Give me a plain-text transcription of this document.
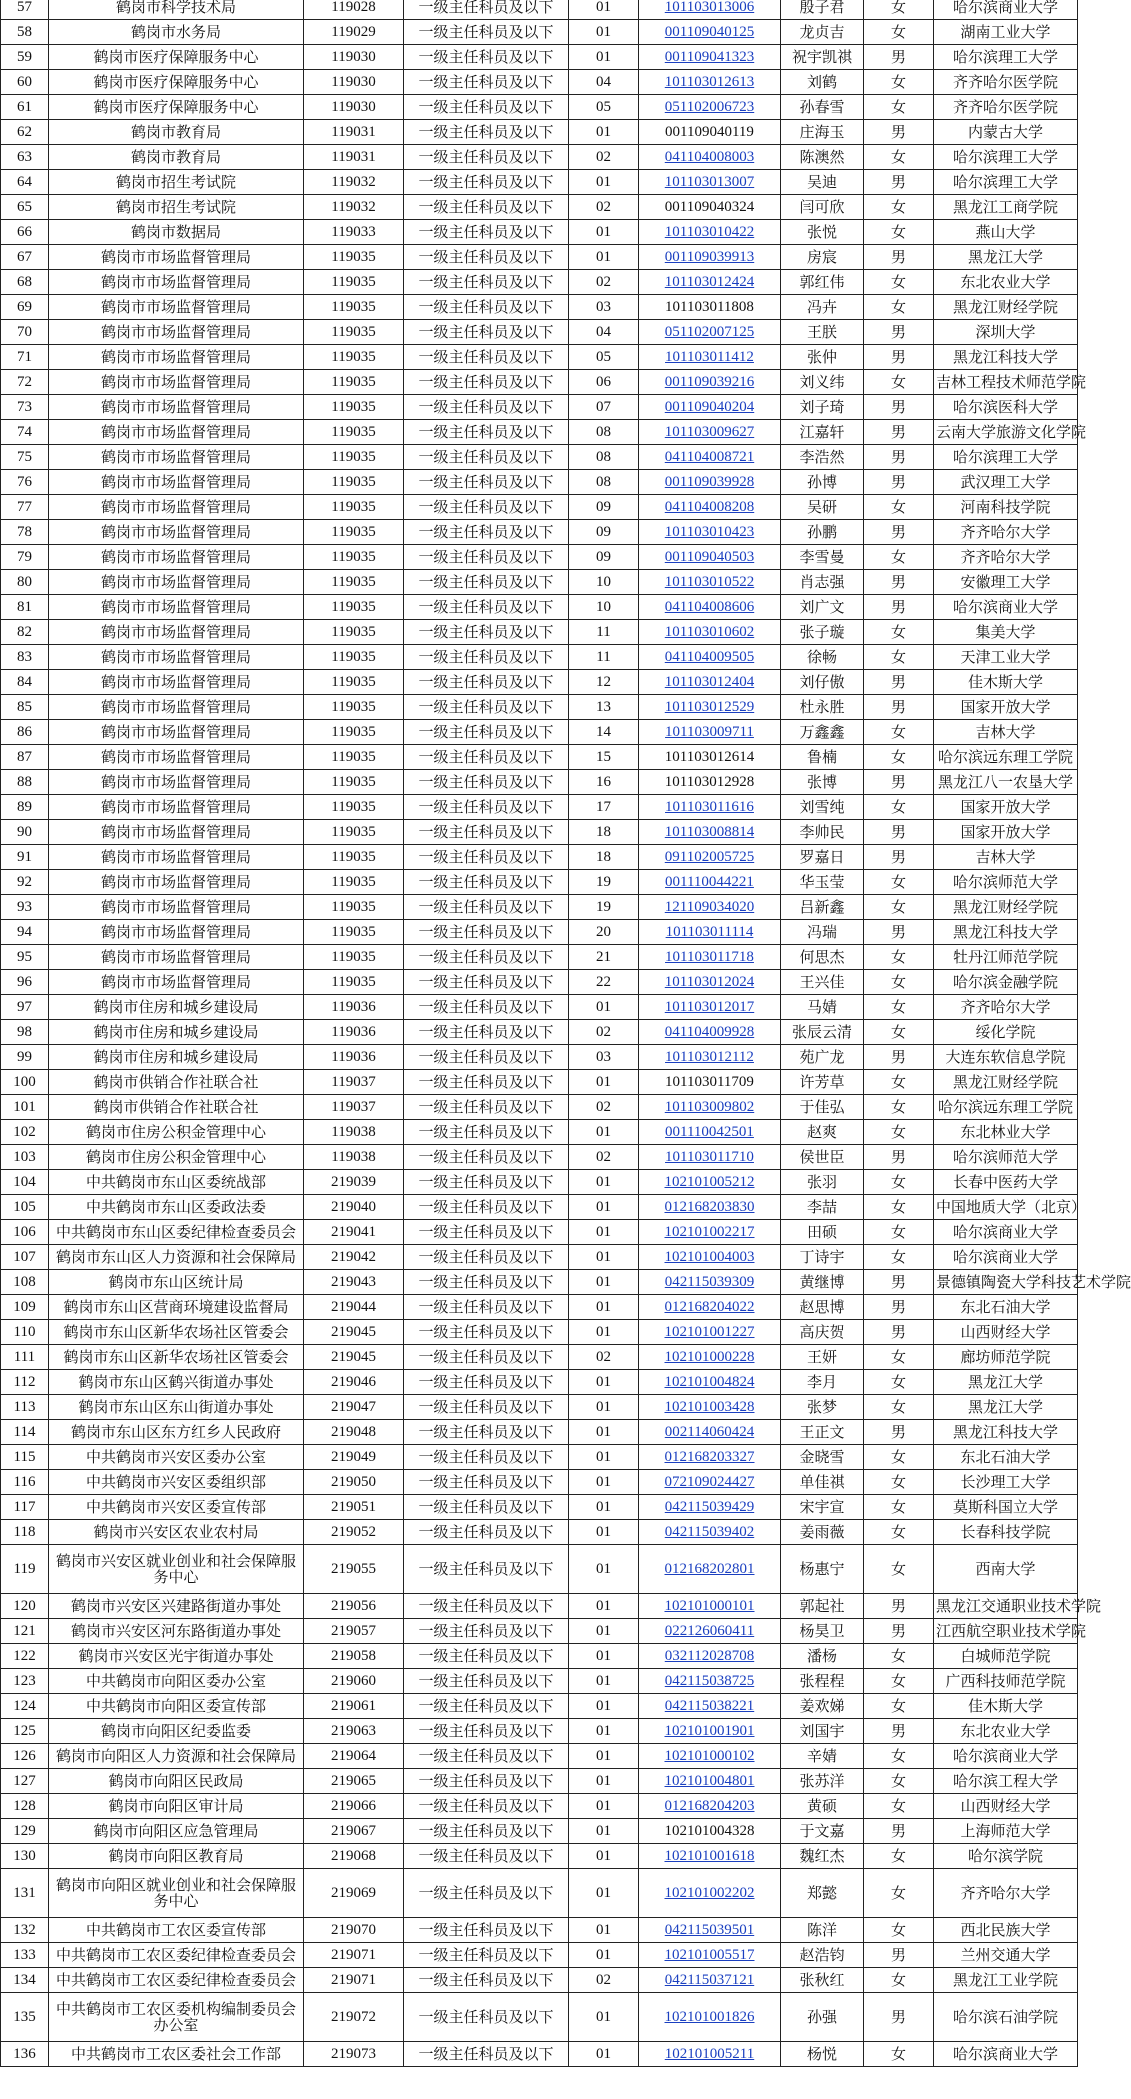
57	鹤岗市科学技术局	119028	一级主任科员及以下	01	101103013006	殷子君	女	哈尔滨商业大学
58	鹤岗市水务局	119029	一级主任科员及以下	01	001109040125	龙贞吉	女	湖南工业大学
59	鹤岗市医疗保障服务中心	119030	一级主任科员及以下	01	001109041323	祝宇凯祺	男	哈尔滨理工大学
60	鹤岗市医疗保障服务中心	119030	一级主任科员及以下	04	101103012613	刘鹤	女	齐齐哈尔医学院
61	鹤岗市医疗保障服务中心	119030	一级主任科员及以下	05	051102006723	孙春雪	女	齐齐哈尔医学院
62	鹤岗市教育局	119031	一级主任科员及以下	01	001109040119	庄海玉	男	内蒙古大学
63	鹤岗市教育局	119031	一级主任科员及以下	02	041104008003	陈澳然	女	哈尔滨理工大学
64	鹤岗市招生考试院	119032	一级主任科员及以下	01	101103013007	吴迪	男	哈尔滨理工大学
65	鹤岗市招生考试院	119032	一级主任科员及以下	02	001109040324	闫可欣	女	黑龙江工商学院
66	鹤岗市数据局	119033	一级主任科员及以下	01	101103010422	张悦	女	燕山大学
67	鹤岗市市场监督管理局	119035	一级主任科员及以下	01	001109039913	房宸	男	黑龙江大学
68	鹤岗市市场监督管理局	119035	一级主任科员及以下	02	101103012424	郭红伟	女	东北农业大学
69	鹤岗市市场监督管理局	119035	一级主任科员及以下	03	101103011808	冯卉	女	黑龙江财经学院
70	鹤岗市市场监督管理局	119035	一级主任科员及以下	04	051102007125	王朕	男	深圳大学
71	鹤岗市市场监督管理局	119035	一级主任科员及以下	05	101103011412	张仲	男	黑龙江科技大学
72	鹤岗市市场监督管理局	119035	一级主任科员及以下	06	001109039216	刘义纬	女	吉林工程技术师范学院
73	鹤岗市市场监督管理局	119035	一级主任科员及以下	07	001109040204	刘子琦	男	哈尔滨医科大学
74	鹤岗市市场监督管理局	119035	一级主任科员及以下	08	101103009627	江嘉轩	男	云南大学旅游文化学院
75	鹤岗市市场监督管理局	119035	一级主任科员及以下	08	041104008721	李浩然	男	哈尔滨理工大学
76	鹤岗市市场监督管理局	119035	一级主任科员及以下	08	001109039928	孙博	男	武汉理工大学
77	鹤岗市市场监督管理局	119035	一级主任科员及以下	09	041104008208	吴研	女	河南科技学院
78	鹤岗市市场监督管理局	119035	一级主任科员及以下	09	101103010423	孙鹏	男	齐齐哈尔大学
79	鹤岗市市场监督管理局	119035	一级主任科员及以下	09	001109040503	李雪曼	女	齐齐哈尔大学
80	鹤岗市市场监督管理局	119035	一级主任科员及以下	10	101103010522	肖志强	男	安徽理工大学
81	鹤岗市市场监督管理局	119035	一级主任科员及以下	10	041104008606	刘广文	男	哈尔滨商业大学
82	鹤岗市市场监督管理局	119035	一级主任科员及以下	11	101103010602	张子璇	女	集美大学
83	鹤岗市市场监督管理局	119035	一级主任科员及以下	11	041104009505	徐畅	女	天津工业大学
84	鹤岗市市场监督管理局	119035	一级主任科员及以下	12	101103012404	刘仔傲	男	佳木斯大学
85	鹤岗市市场监督管理局	119035	一级主任科员及以下	13	101103012529	杜永胜	男	国家开放大学
86	鹤岗市市场监督管理局	119035	一级主任科员及以下	14	101103009711	万鑫鑫	女	吉林大学
87	鹤岗市市场监督管理局	119035	一级主任科员及以下	15	101103012614	鲁楠	女	哈尔滨远东理工学院
88	鹤岗市市场监督管理局	119035	一级主任科员及以下	16	101103012928	张博	男	黑龙江八一农垦大学
89	鹤岗市市场监督管理局	119035	一级主任科员及以下	17	101103011616	刘雪纯	女	国家开放大学
90	鹤岗市市场监督管理局	119035	一级主任科员及以下	18	101103008814	李帅民	男	国家开放大学
91	鹤岗市市场监督管理局	119035	一级主任科员及以下	18	091102005725	罗嘉日	男	吉林大学
92	鹤岗市市场监督管理局	119035	一级主任科员及以下	19	001110044221	华玉莹	女	哈尔滨师范大学
93	鹤岗市市场监督管理局	119035	一级主任科员及以下	19	121109034020	吕新鑫	女	黑龙江财经学院
94	鹤岗市市场监督管理局	119035	一级主任科员及以下	20	101103011114	冯瑞	男	黑龙江科技大学
95	鹤岗市市场监督管理局	119035	一级主任科员及以下	21	101103011718	何思杰	女	牡丹江师范学院
96	鹤岗市市场监督管理局	119035	一级主任科员及以下	22	101103012024	王兴佳	女	哈尔滨金融学院
97	鹤岗市住房和城乡建设局	119036	一级主任科员及以下	01	101103012017	马婧	女	齐齐哈尔大学
98	鹤岗市住房和城乡建设局	119036	一级主任科员及以下	02	041104009928	张辰云清	女	绥化学院
99	鹤岗市住房和城乡建设局	119036	一级主任科员及以下	03	101103012112	苑广龙	男	大连东软信息学院
100	鹤岗市供销合作社联合社	119037	一级主任科员及以下	01	101103011709	许芳草	女	黑龙江财经学院
101	鹤岗市供销合作社联合社	119037	一级主任科员及以下	02	101103009802	于佳弘	女	哈尔滨远东理工学院
102	鹤岗市住房公积金管理中心	119038	一级主任科员及以下	01	001110042501	赵爽	女	东北林业大学
103	鹤岗市住房公积金管理中心	119038	一级主任科员及以下	02	101103011710	侯世臣	男	哈尔滨师范大学
104	中共鹤岗市东山区委统战部	219039	一级主任科员及以下	01	102101005212	张羽	女	长春中医药大学
105	中共鹤岗市东山区委政法委	219040	一级主任科员及以下	01	012168203830	李喆	女	中国地质大学（北京）
106	中共鹤岗市东山区委纪律检查委员会	219041	一级主任科员及以下	01	102101002217	田硕	女	哈尔滨商业大学
107	鹤岗市东山区人力资源和社会保障局	219042	一级主任科员及以下	01	102101004003	丁诗宇	女	哈尔滨商业大学
108	鹤岗市东山区统计局	219043	一级主任科员及以下	01	042115039309	黄继博	男	景德镇陶瓷大学科技艺术学院
109	鹤岗市东山区营商环境建设监督局	219044	一级主任科员及以下	01	012168204022	赵思博	男	东北石油大学
110	鹤岗市东山区新华农场社区管委会	219045	一级主任科员及以下	01	102101001227	高庆贺	男	山西财经大学
111	鹤岗市东山区新华农场社区管委会	219045	一级主任科员及以下	02	102101000228	王妍	女	廊坊师范学院
112	鹤岗市东山区鹤兴街道办事处	219046	一级主任科员及以下	01	102101004824	李月	女	黑龙江大学
113	鹤岗市东山区东山街道办事处	219047	一级主任科员及以下	01	102101003428	张梦	女	黑龙江大学
114	鹤岗市东山区东方红乡人民政府	219048	一级主任科员及以下	01	002114060424	王正文	男	黑龙江科技大学
115	中共鹤岗市兴安区委办公室	219049	一级主任科员及以下	01	012168203327	金晓雪	女	东北石油大学
116	中共鹤岗市兴安区委组织部	219050	一级主任科员及以下	01	072109024427	单佳祺	女	长沙理工大学
117	中共鹤岗市兴安区委宣传部	219051	一级主任科员及以下	01	042115039429	宋宇宣	女	莫斯科国立大学
118	鹤岗市兴安区农业农村局	219052	一级主任科员及以下	01	042115039402	姜雨薇	女	长春科技学院
119	鹤岗市兴安区就业创业和社会保障服务中心	219055	一级主任科员及以下	01	012168202801	杨惠宁	女	西南大学
120	鹤岗市兴安区兴建路街道办事处	219056	一级主任科员及以下	01	102101000101	郭起社	男	黑龙江交通职业技术学院
121	鹤岗市兴安区河东路街道办事处	219057	一级主任科员及以下	01	022126060411	杨昊卫	男	江西航空职业技术学院
122	鹤岗市兴安区光宇街道办事处	219058	一级主任科员及以下	01	032112028708	潘杨	女	白城师范学院
123	中共鹤岗市向阳区委办公室	219060	一级主任科员及以下	01	042115038725	张程程	女	广西科技师范学院
124	中共鹤岗市向阳区委宣传部	219061	一级主任科员及以下	01	042115038221	姜欢娣	女	佳木斯大学
125	鹤岗市向阳区纪委监委	219063	一级主任科员及以下	01	102101001901	刘国宇	男	东北农业大学
126	鹤岗市向阳区人力资源和社会保障局	219064	一级主任科员及以下	01	102101000102	辛婧	女	哈尔滨商业大学
127	鹤岗市向阳区民政局	219065	一级主任科员及以下	01	102101004801	张苏洋	女	哈尔滨工程大学
128	鹤岗市向阳区审计局	219066	一级主任科员及以下	01	012168204203	黄硕	女	山西财经大学
129	鹤岗市向阳区应急管理局	219067	一级主任科员及以下	01	102101004328	于文嘉	男	上海师范大学
130	鹤岗市向阳区教育局	219068	一级主任科员及以下	01	102101001618	魏红杰	女	哈尔滨学院
131	鹤岗市向阳区就业创业和社会保障服务中心	219069	一级主任科员及以下	01	102101002202	郑懿	女	齐齐哈尔大学
132	中共鹤岗市工农区委宣传部	219070	一级主任科员及以下	01	042115039501	陈洋	女	西北民族大学
133	中共鹤岗市工农区委纪律检查委员会	219071	一级主任科员及以下	01	102101005517	赵浩钧	男	兰州交通大学
134	中共鹤岗市工农区委纪律检查委员会	219071	一级主任科员及以下	02	042115037121	张秋红	女	黑龙江工业学院
135	中共鹤岗市工农区委机构编制委员会办公室	219072	一级主任科员及以下	01	102101001826	孙强	男	哈尔滨石油学院
136	中共鹤岗市工农区委社会工作部	219073	一级主任科员及以下	01	102101005211	杨悦	女	哈尔滨商业大学
